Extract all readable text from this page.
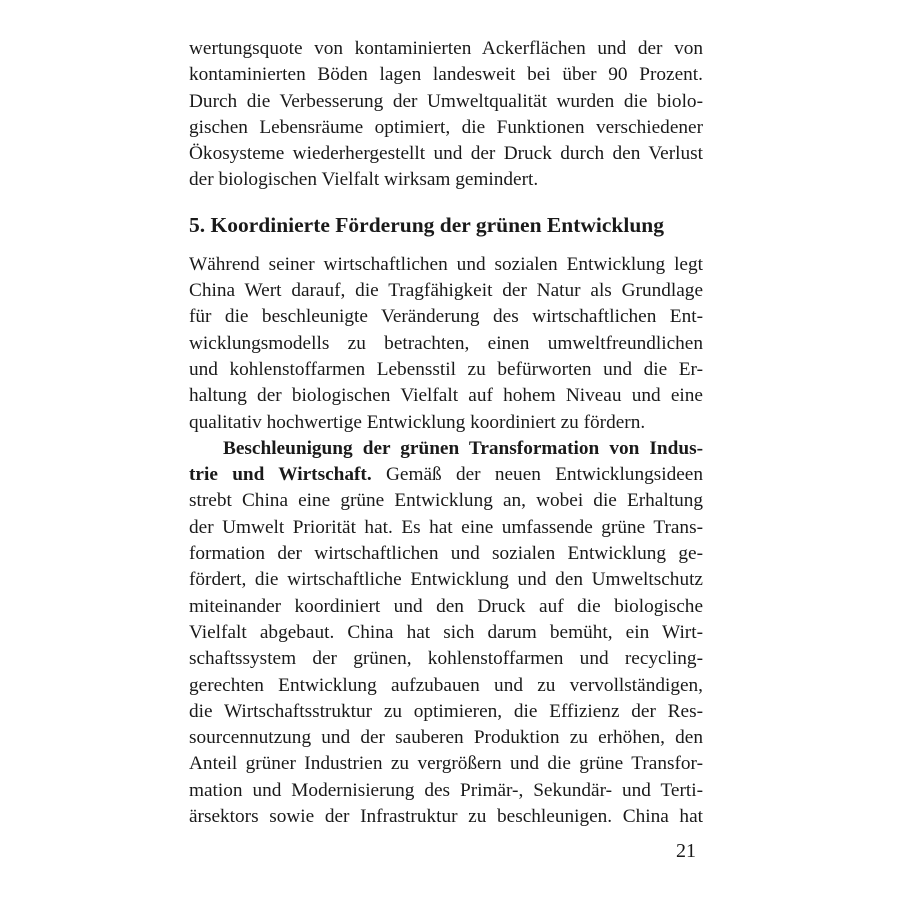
wertungsquote von kontaminierten Ackerflächen und der von
kontaminierten Böden lagen landesweit bei über 90 Prozent.
Durch die Verbesserung der Umweltqualität wurden die biolo-
gischen Lebensräume optimiert, die Funktionen verschiedener
Ökosysteme wiederhergestellt und der Druck durch den Verlust
der biologischen Vielfalt wirksam gemindert.
5. Koordinierte Förderung der grünen Entwicklung
Während seiner wirtschaftlichen und sozialen Entwicklung legt
China Wert darauf, die Tragfähigkeit der Natur als Grundlage
für die beschleunigte Veränderung des wirtschaftlichen Ent-
wicklungsmodells zu betrachten, einen umweltfreundlichen
und kohlenstoffarmen Lebensstil zu befürworten und die Er-
haltung der biologischen Vielfalt auf hohem Niveau und eine
qualitativ hochwertige Entwicklung koordiniert zu fördern.
Beschleunigung der grünen Transformation von Indus-
trie und Wirtschaft. Gemäß der neuen Entwicklungsideen
strebt China eine grüne Entwicklung an, wobei die Erhaltung
der Umwelt Priorität hat. Es hat eine umfassende grüne Trans-
formation der wirtschaftlichen und sozialen Entwicklung ge-
fördert, die wirtschaftliche Entwicklung und den Umweltschutz
miteinander koordiniert und den Druck auf die biologische
Vielfalt abgebaut. China hat sich darum bemüht, ein Wirt-
schaftssystem der grünen, kohlenstoffarmen und recycling-
gerechten Entwicklung aufzubauen und zu vervollständigen,
die Wirtschaftsstruktur zu optimieren, die Effizienz der Res-
sourcennutzung und der sauberen Produktion zu erhöhen, den
Anteil grüner Industrien zu vergrößern und die grüne Transfor-
mation und Modernisierung des Primär-, Sekundär- und Terti-
ärsektors sowie der Infrastruktur zu beschleunigen. China hat
21
